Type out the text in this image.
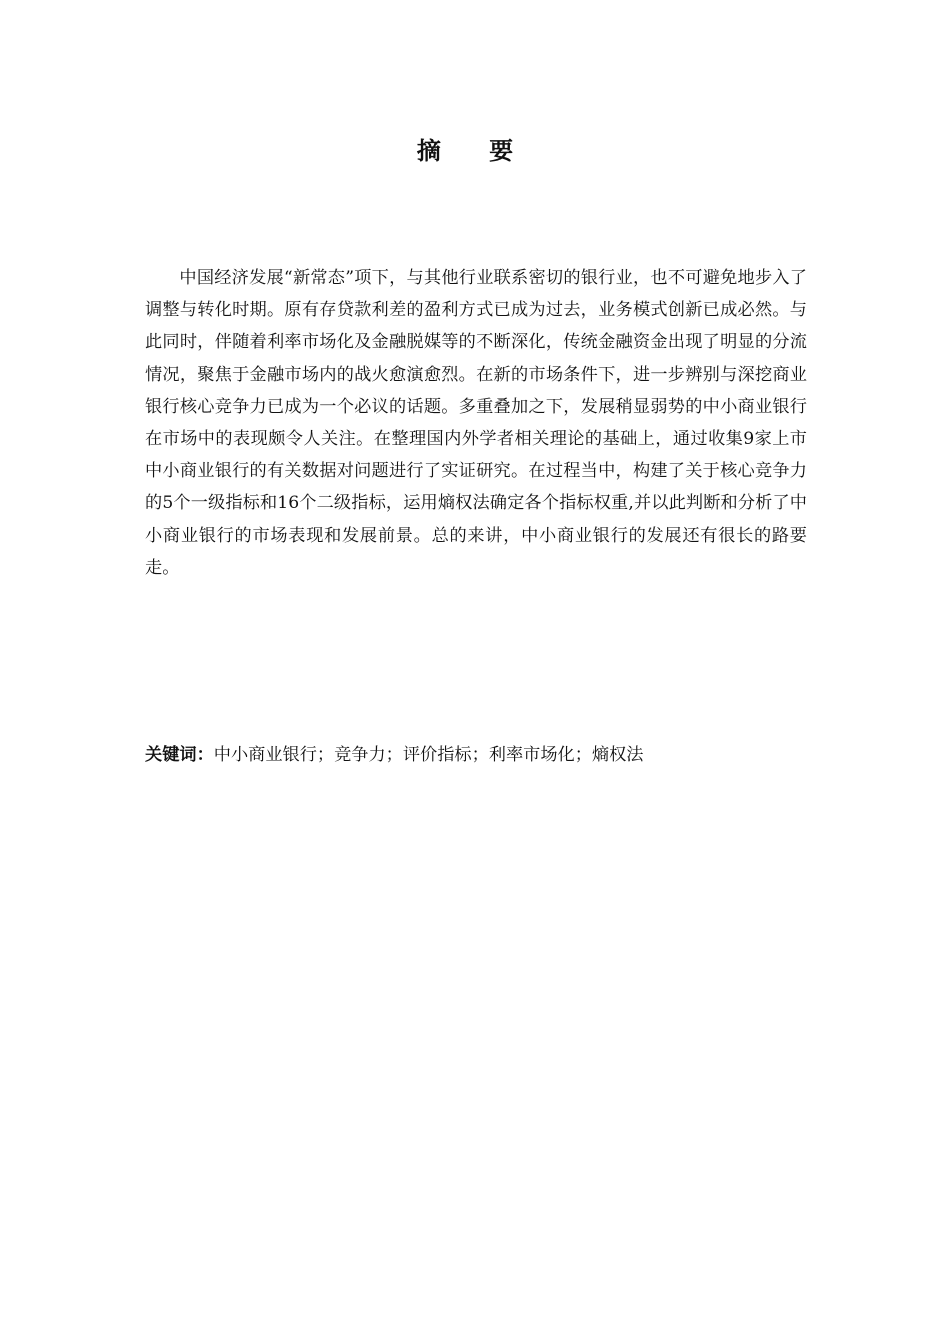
摘 要

中国经济发展“新常态”项下，与其他行业联系密切的银行业，也不可避免地步入了调整与转化时期。原有存贷款利差的盈利方式已成为过去，业务模式创新已成必然。与此同时，伴随着利率市场化及金融脱媒等的不断深化，传统金融资金出现了明显的分流情况，聚焦于金融市场内的战火愈演愈烈。在新的市场条件下，进一步辨别与深挖商业银行核心竞争力已成为一个必议的话题。多重叠加之下，发展稍显弱势的中小商业银行在市场中的表现颇令人关注。在整理国内外学者相关理论的基础上，通过收集9家上市中小商业银行的有关数据对问题进行了实证研究。在过程当中，构建了关于核心竞争力的5个一级指标和16个二级指标，运用熵权法确定各个指标权重,并以此判断和分析了中小商业银行的市场表现和发展前景。总的来讲，中小商业银行的发展还有很长的路要走。

关键词：中小商业银行；竞争力；评价指标；利率市场化；熵权法
